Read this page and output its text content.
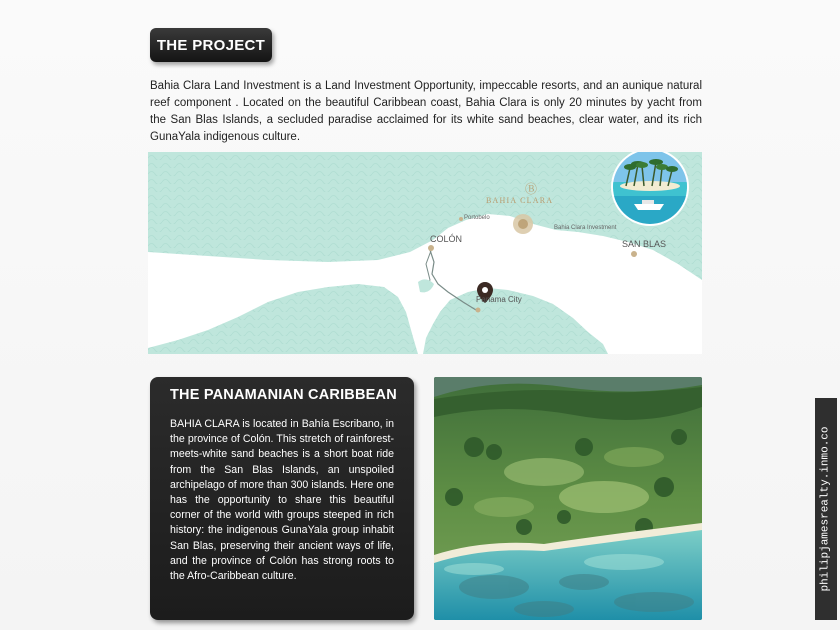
THE PROJECT

Bahia Clara Land Investment is a Land Investment Opportunity, impeccable resorts, and an aunique natural reef component . Located on the beautiful Caribbean coast, Bahia Clara is only 20 minutes by yacht from the San Blas Islands, a secluded paradise acclaimed for its white sand beaches, clear water, and its rich GunaYala indigenous culture.

COLÓN
Portobelo
Bahia Clara Investment
SAN BLAS
Panama City
Ⓑ
BAHIA CLARA
THE PANAMANIAN CARIBBEAN
BAHIA CLARA is located in Bahía Escribano, in the province of Colón. This stretch of rainforest-meets-white sand beaches is a short boat ride from the San Blas Islands, an unspoiled archipelago of more than 300 islands. Here one has the opportunity to share this beautiful corner of the world with groups steeped in rich history: the indigenous GunaYala group inhabit San Blas, preserving their ancient ways of life, and the province of Colón has strong roots to the Afro-Caribbean culture.	philipjamesrealty.inmo.co
